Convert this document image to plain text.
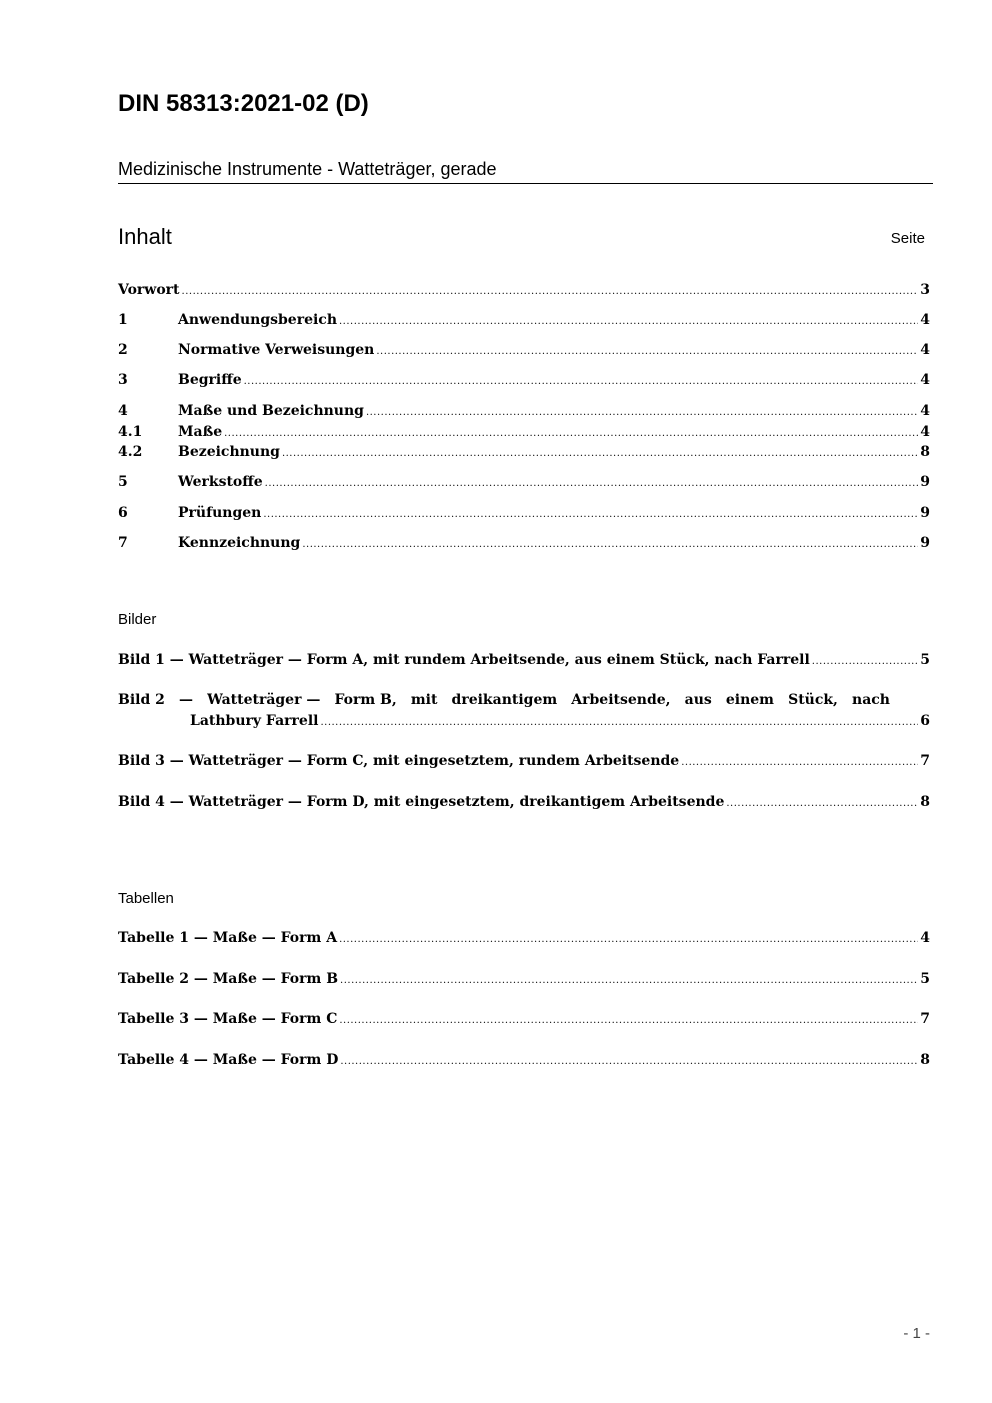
DIN 58313:2021-02 (D)
Medizinische Instrumente - Watteträger, gerade
Inhalt	Seite
Vorwort .....	3
1	Anwendungsbereich .....	4
2	Normative Verweisungen .....	4
3	Begriffe .....	4
4	Maße und Bezeichnung .....	4
4.1	Maße .....	4
4.2	Bezeichnung .....	8
5	Werkstoffe .....	9
6	Prüfungen .....	9
7	Kennzeichnung .....	9
Bilder
Bild 1 — Watteträger — Form A, mit rundem Arbeitsende, aus einem Stück, nach Farrell .....	5
Bild 2 — Watteträger — Form B, mit dreikantigem Arbeitsende, aus einem Stück, nach
Lathbury Farrell .....	6
Bild 3 — Watteträger — Form C, mit eingesetztem, rundem Arbeitsende .....	7
Bild 4 — Watteträger — Form D, mit eingesetztem, dreikantigem Arbeitsende .....	8
Tabellen
Tabelle 1 — Maße — Form A .....	4
Tabelle 2 — Maße — Form B .....	5
Tabelle 3 — Maße — Form C .....	7
Tabelle 4 — Maße — Form D .....	8
- 1 -
